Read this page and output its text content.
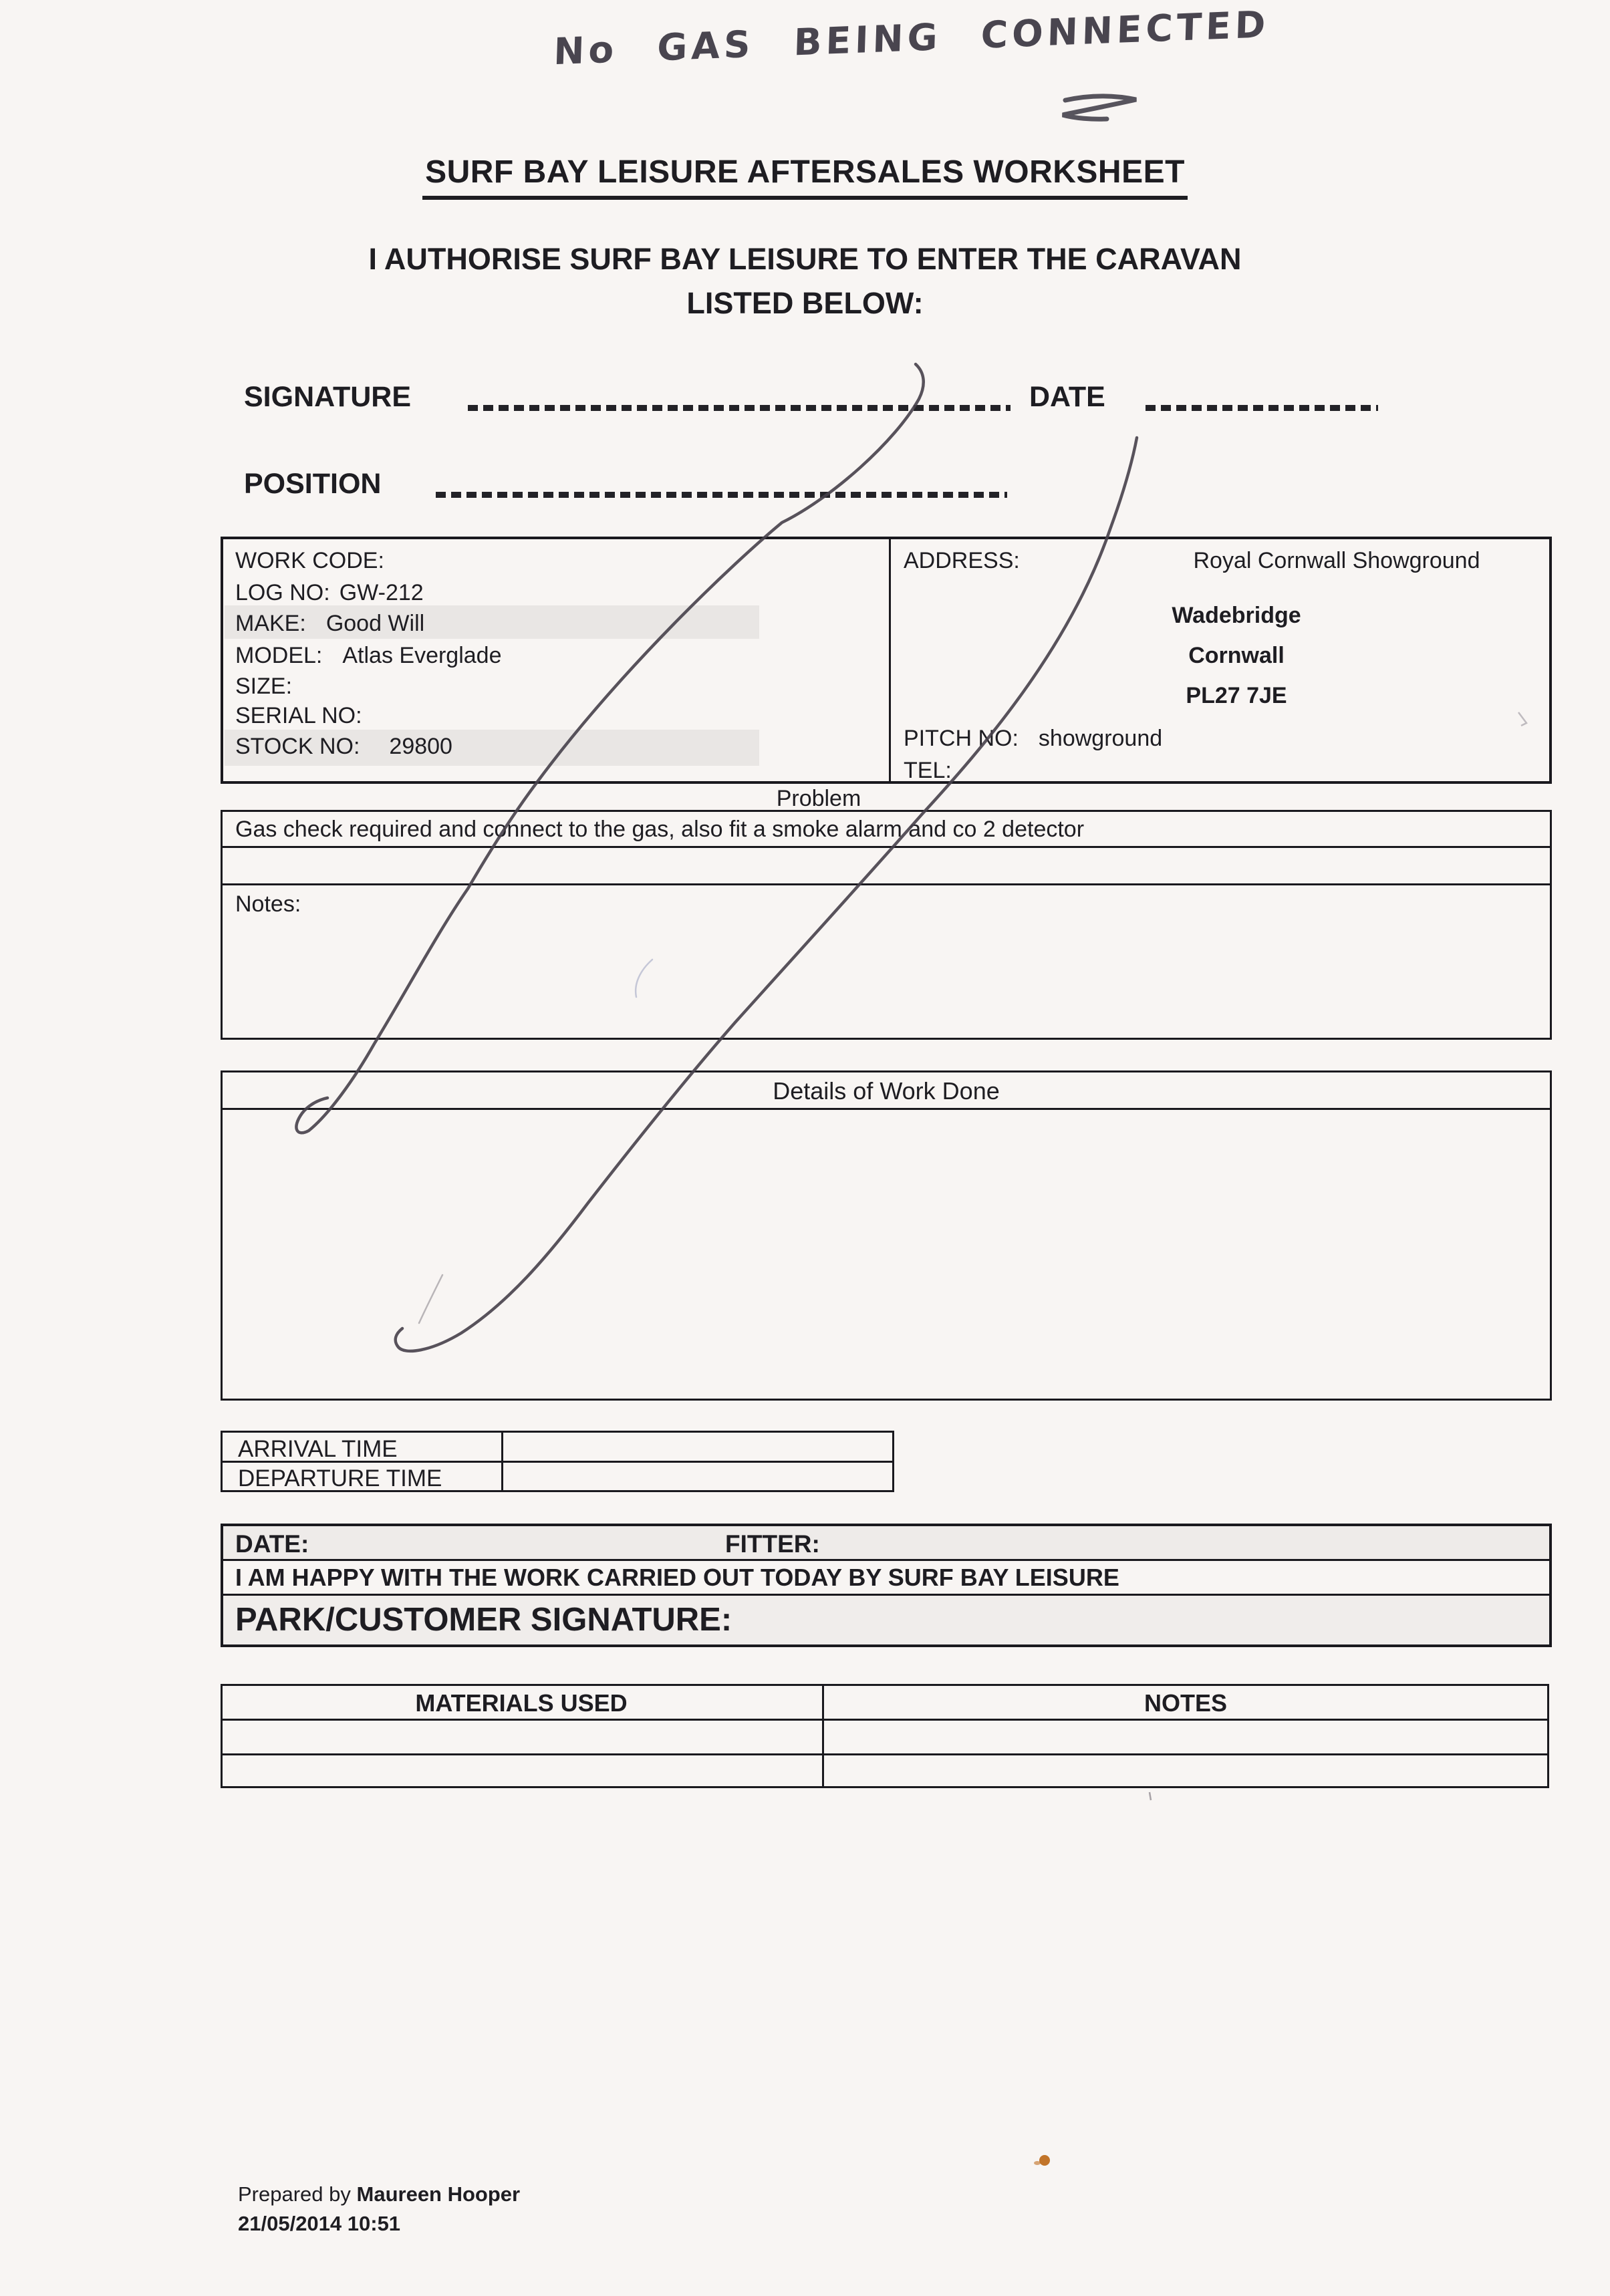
No GAS BEING CONNECTED
SURF BAY LEISURE AFTERSALES WORKSHEET
I AUTHORISE SURF BAY LEISURE TO ENTER THE CARAVAN
LISTED BELOW:
SIGNATURE	DATE
POSITION
WORK CODE:
LOG NO: GW-212
MAKE: Good Will
MODEL: Atlas Everglade
SIZE:
SERIAL NO:
STOCK NO: 29800
ADDRESS:	Royal Cornwall Showground
Wadebridge
Cornwall
PL27 7JE
PITCH NO: showground
TEL:
Problem
Gas check required and connect to the gas, also fit a smoke alarm and co 2 detector
Notes:
Details of Work Done
ARRIVAL TIME
DEPARTURE TIME
DATE:	FITTER:
I AM HAPPY WITH THE WORK CARRIED OUT TODAY BY SURF BAY LEISURE
PARK/CUSTOMER SIGNATURE:
MATERIALS USED	NOTES
Prepared by Maureen Hooper
21/05/2014 10:51
